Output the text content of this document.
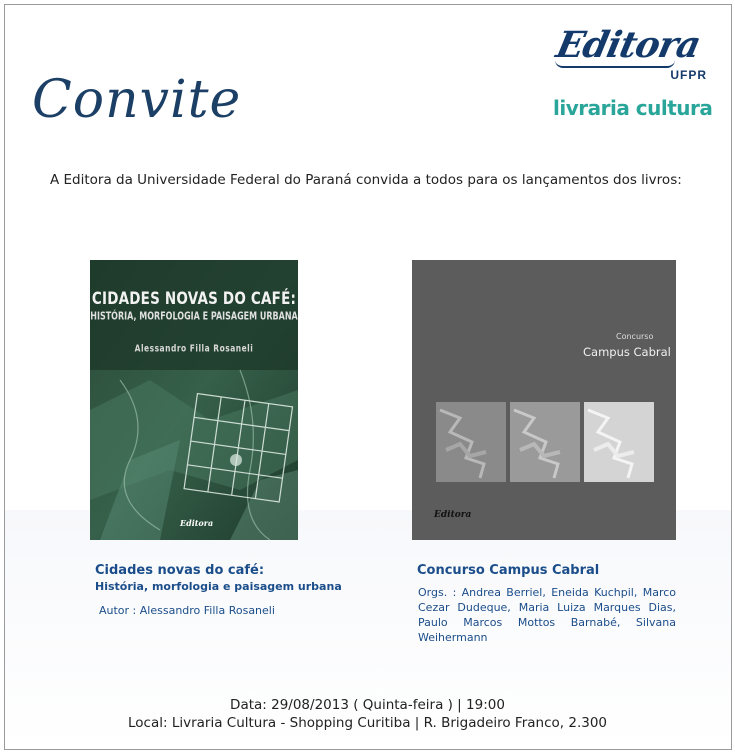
Convite
Editora
UFPR
livraria cultura
A Editora da Universidade Federal do Paraná convida a todos para os lançamentos dos livros:
CIDADES NOVAS DO CAFÉ:
HISTÓRIA, MORFOLOGIA E PAISAGEM URBANA
Alessandro Filla Rosaneli
Editora
Concurso
Campus Cabral
Editora
Cidades novas do café:
História, morfologia e paisagem urbana
Autor : Alessandro Filla Rosaneli
Concurso Campus Cabral
Orgs. : Andrea Berriel, Eneida Kuchpil, Marco Cezar Dudeque, Maria Luiza Marques Dias, Paulo Marcos Mottos Barnabé, Silvana Weihermann
Data: 29/08/2013 ( Quinta-feira ) | 19:00
Local: Livraria Cultura - Shopping Curitiba | R. Brigadeiro Franco, 2.300
